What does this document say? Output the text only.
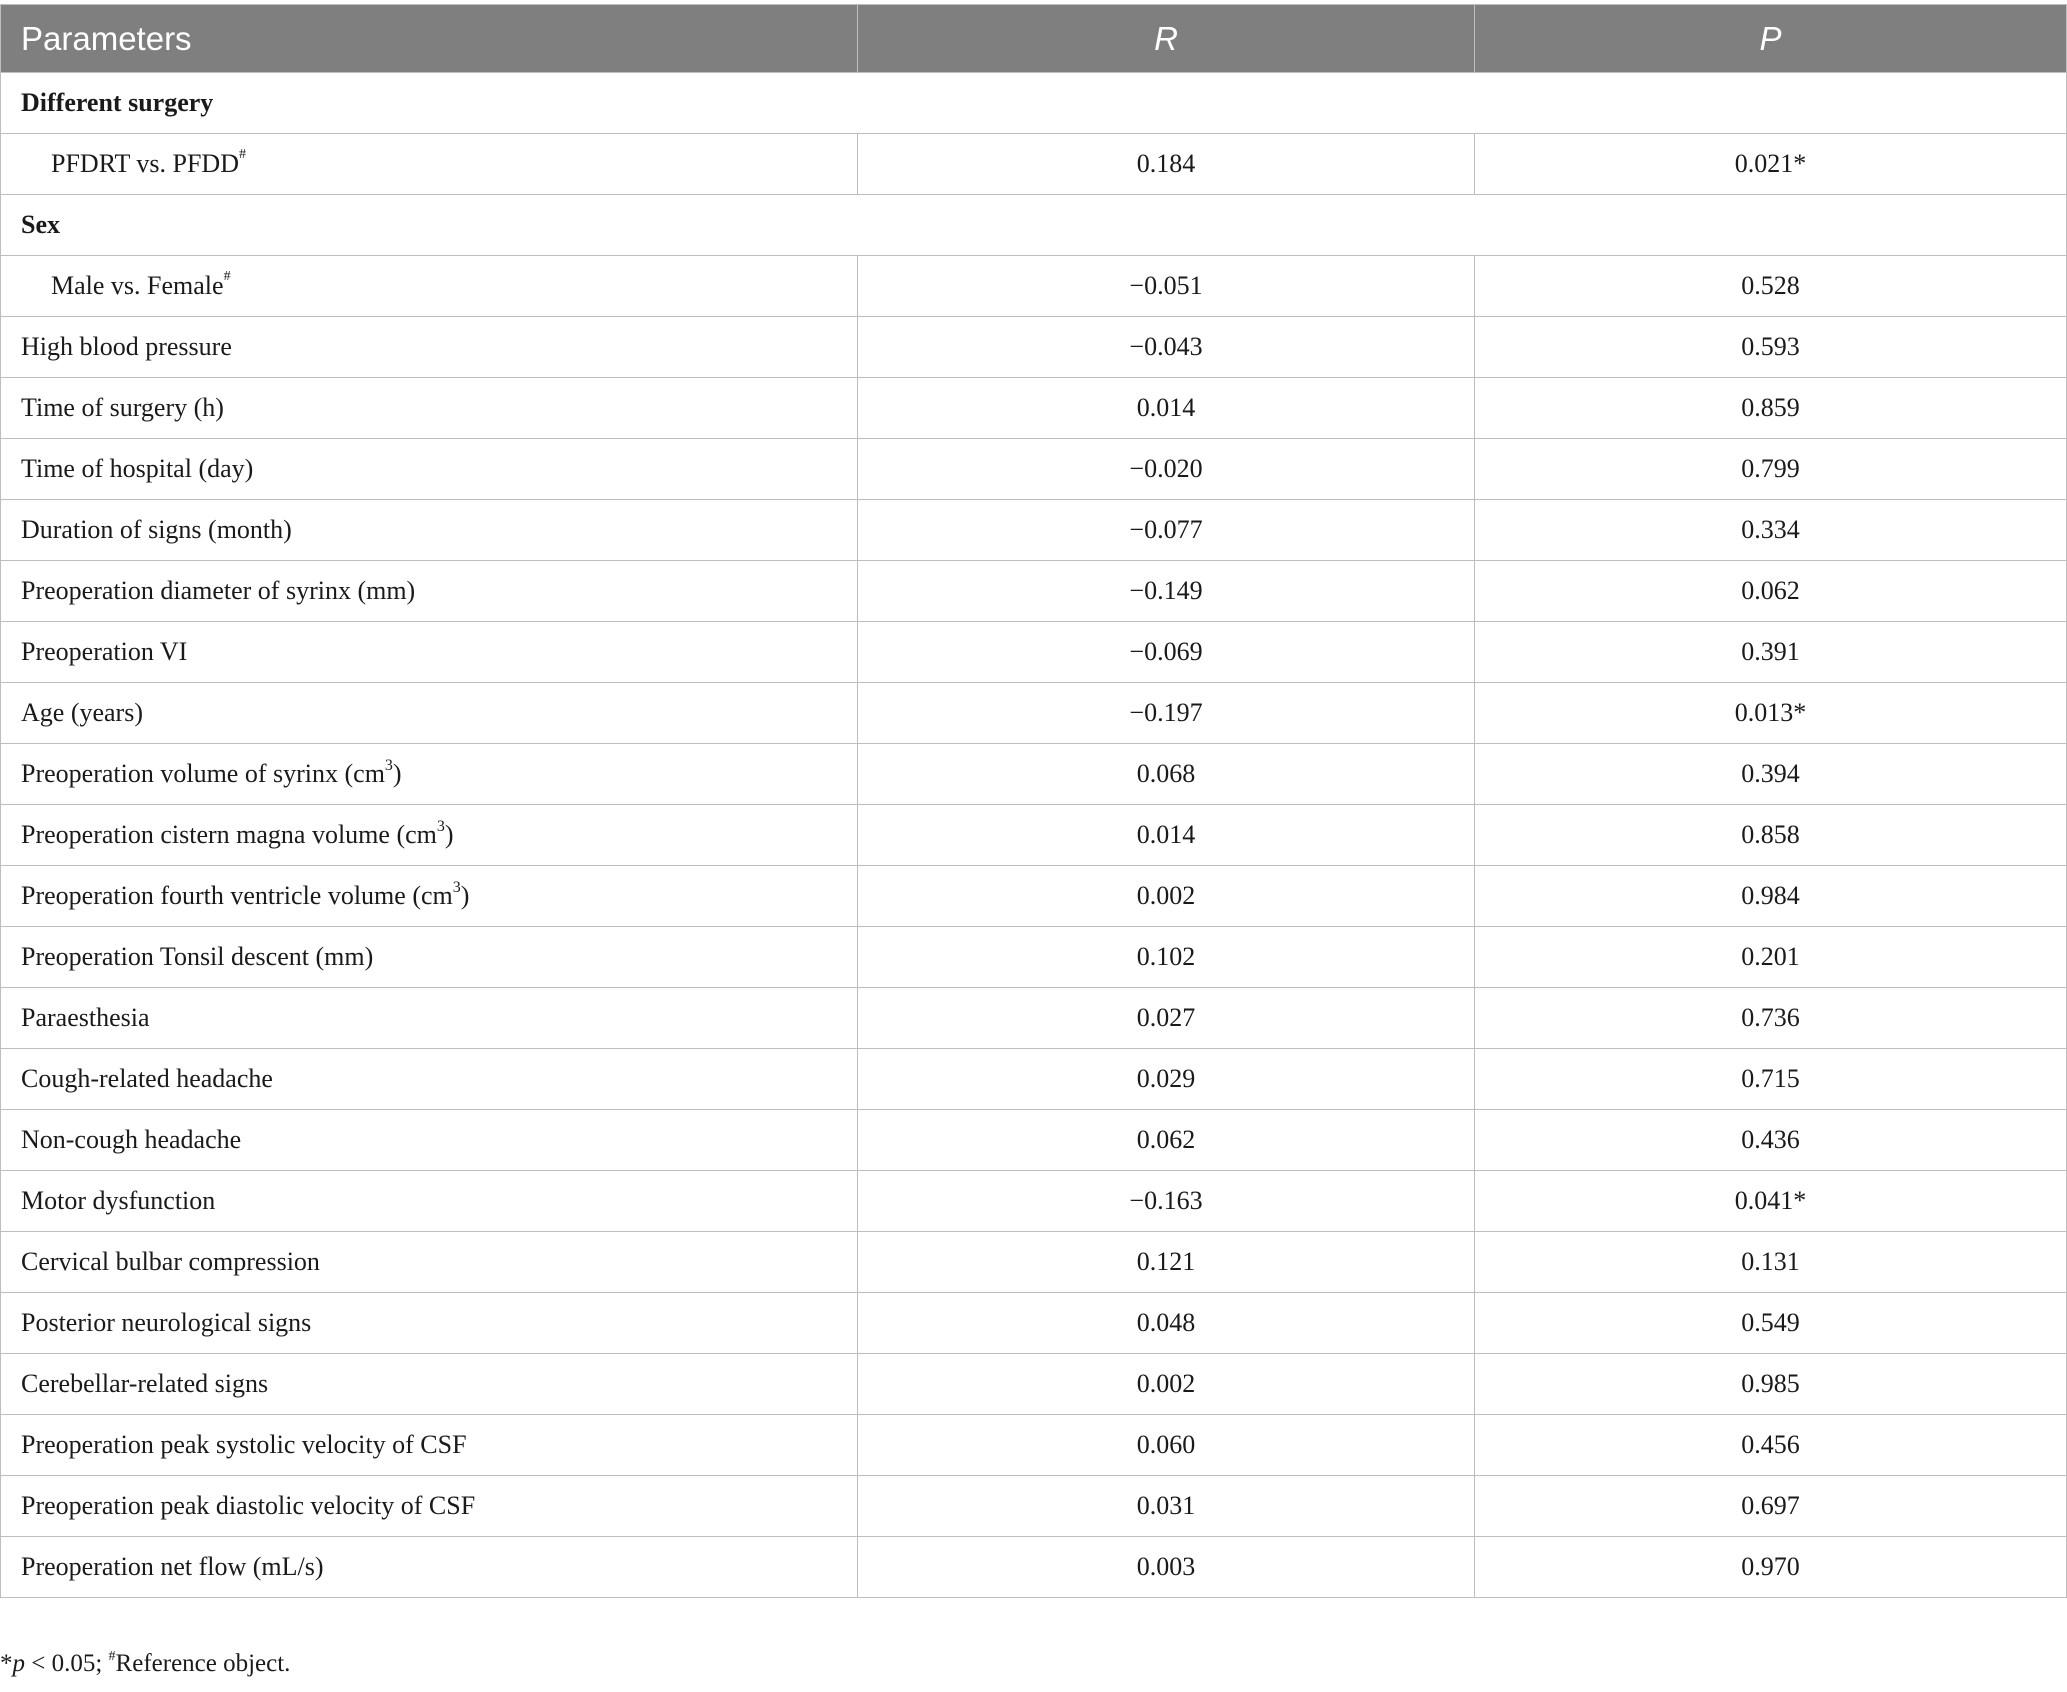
Parameters	R	P
Different surgery		
PFDRT vs. PFDD#	0.184	0.021*
Sex		
Male vs. Female#	−0.051	0.528
High blood pressure	−0.043	0.593
Time of surgery (h)	0.014	0.859
Time of hospital (day)	−0.020	0.799
Duration of signs (month)	−0.077	0.334
Preoperation diameter of syrinx (mm)	−0.149	0.062
Preoperation VI	−0.069	0.391
Age (years)	−0.197	0.013*
Preoperation volume of syrinx $(cm^3)$	0.068	0.394
Preoperation cistern magna volume $(cm^3)$	0.014	0.858
Preoperation fourth ventricle volume $(cm^3)$	0.002	0.984
Preoperation Tonsil descent (mm)	0.102	0.201
Paraesthesia	0.027	0.736
Cough-related headache	0.029	0.715
Non-cough headache	0.062	0.436
Motor dysfunction	−0.163	0.041*
Cervical bulbar compression	0.121	0.131
Posterior neurological signs	0.048	0.549
Cerebellar-related signs	0.002	0.985
Preoperation peak systolic velocity of CSF	0.060	0.456
Preoperation peak diastolic velocity of CSF	0.031	0.697
Preoperation net flow (mL/s)	0.003	0.970
*p < 0.05; #Reference object.
